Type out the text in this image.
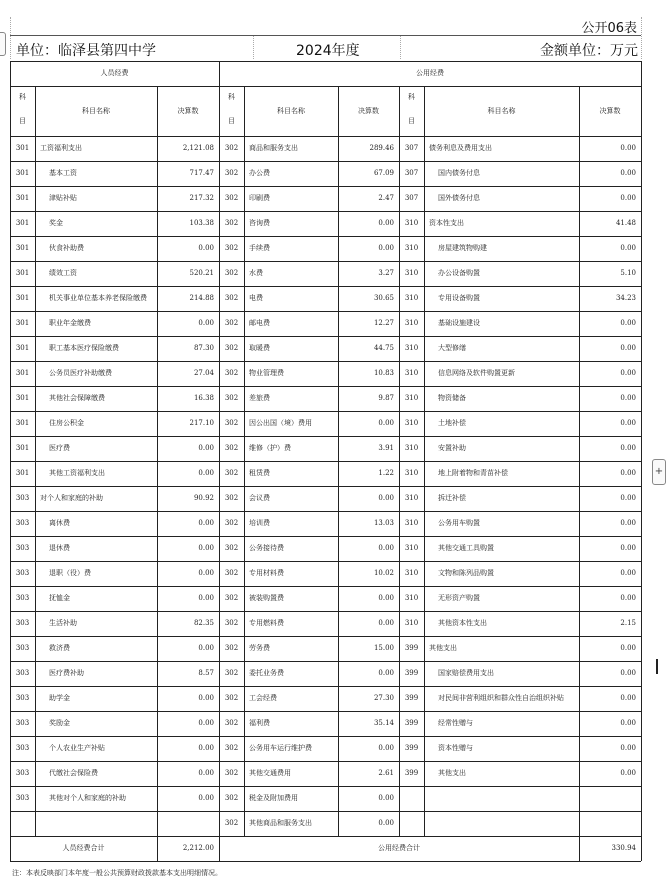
公开06表
单位：临泽县第四中学	2024年度	金额单位：万元
+
人员经费	公用经费
科
目
科目名称	决算数
科
目
科目名称	决算数
科
目
科目名称	决算数
301	工资福利支出	2,121.08
301	基本工资	717.47
301	津贴补贴	217.32
301	奖金	103.38
301	伙食补助费	0.00
301	绩效工资	520.21
301	机关事业单位基本养老保险缴费	214.88
301	职业年金缴费	0.00
301	职工基本医疗保险缴费	87.30
301	公务员医疗补助缴费	27.04
301	其他社会保障缴费	16.38
301	住房公积金	217.10
301	医疗费	0.00
301	其他工资福利支出	0.00
303	对个人和家庭的补助	90.92
303	离休费	0.00
303	退休费	0.00
303	退职（役）费	0.00
303	抚恤金	0.00
303	生活补助	82.35
303	救济费	0.00
303	医疗费补助	8.57
303	助学金	0.00
303	奖励金	0.00
303	个人农业生产补贴	0.00
303	代缴社会保险费	0.00
303	其他对个人和家庭的补助	0.00
302	商品和服务支出	289.46
302	办公费	67.09
302	印刷费	2.47
302	咨询费	0.00
302	手续费	0.00
302	水费	3.27
302	电费	30.65
302	邮电费	12.27
302	取暖费	44.75
302	物业管理费	10.83
302	差旅费	9.87
302	因公出国（境）费用	0.00
302	维修（护）费	3.91
302	租赁费	1.22
302	会议费	0.00
302	培训费	13.03
302	公务接待费	0.00
302	专用材料费	10.02
302	被装购置费	0.00
302	专用燃料费	0.00
302	劳务费	15.00
302	委托业务费	0.00
302	工会经费	27.30
302	福利费	35.14
302	公务用车运行维护费	0.00
302	其他交通费用	2.61
302	税金及附加费用	0.00
302	其他商品和服务支出	0.00
307	债务利息及费用支出	0.00
307	国内债务付息	0.00
307	国外债务付息	0.00
310	资本性支出	41.48
310	房屋建筑物购建	0.00
310	办公设备购置	5.10
310	专用设备购置	34.23
310	基础设施建设	0.00
310	大型修缮	0.00
310	信息网络及软件购置更新	0.00
310	物资储备	0.00
310	土地补偿	0.00
310	安置补助	0.00
310	地上附着物和青苗补偿	0.00
310	拆迁补偿	0.00
310	公务用车购置	0.00
310	其他交通工具购置	0.00
310	文物和陈列品购置	0.00
310	无形资产购置	0.00
310	其他资本性支出	2.15
399	其他支出	0.00
399	国家赔偿费用支出	0.00
399	对民间非营利组织和群众性自治组织补贴	0.00
399	经常性赠与	0.00
399	资本性赠与	0.00
399	其他支出	0.00
人员经费合计	2,212.00	公用经费合计	330.94
注：本表反映部门本年度一般公共预算财政拨款基本支出明细情况。
